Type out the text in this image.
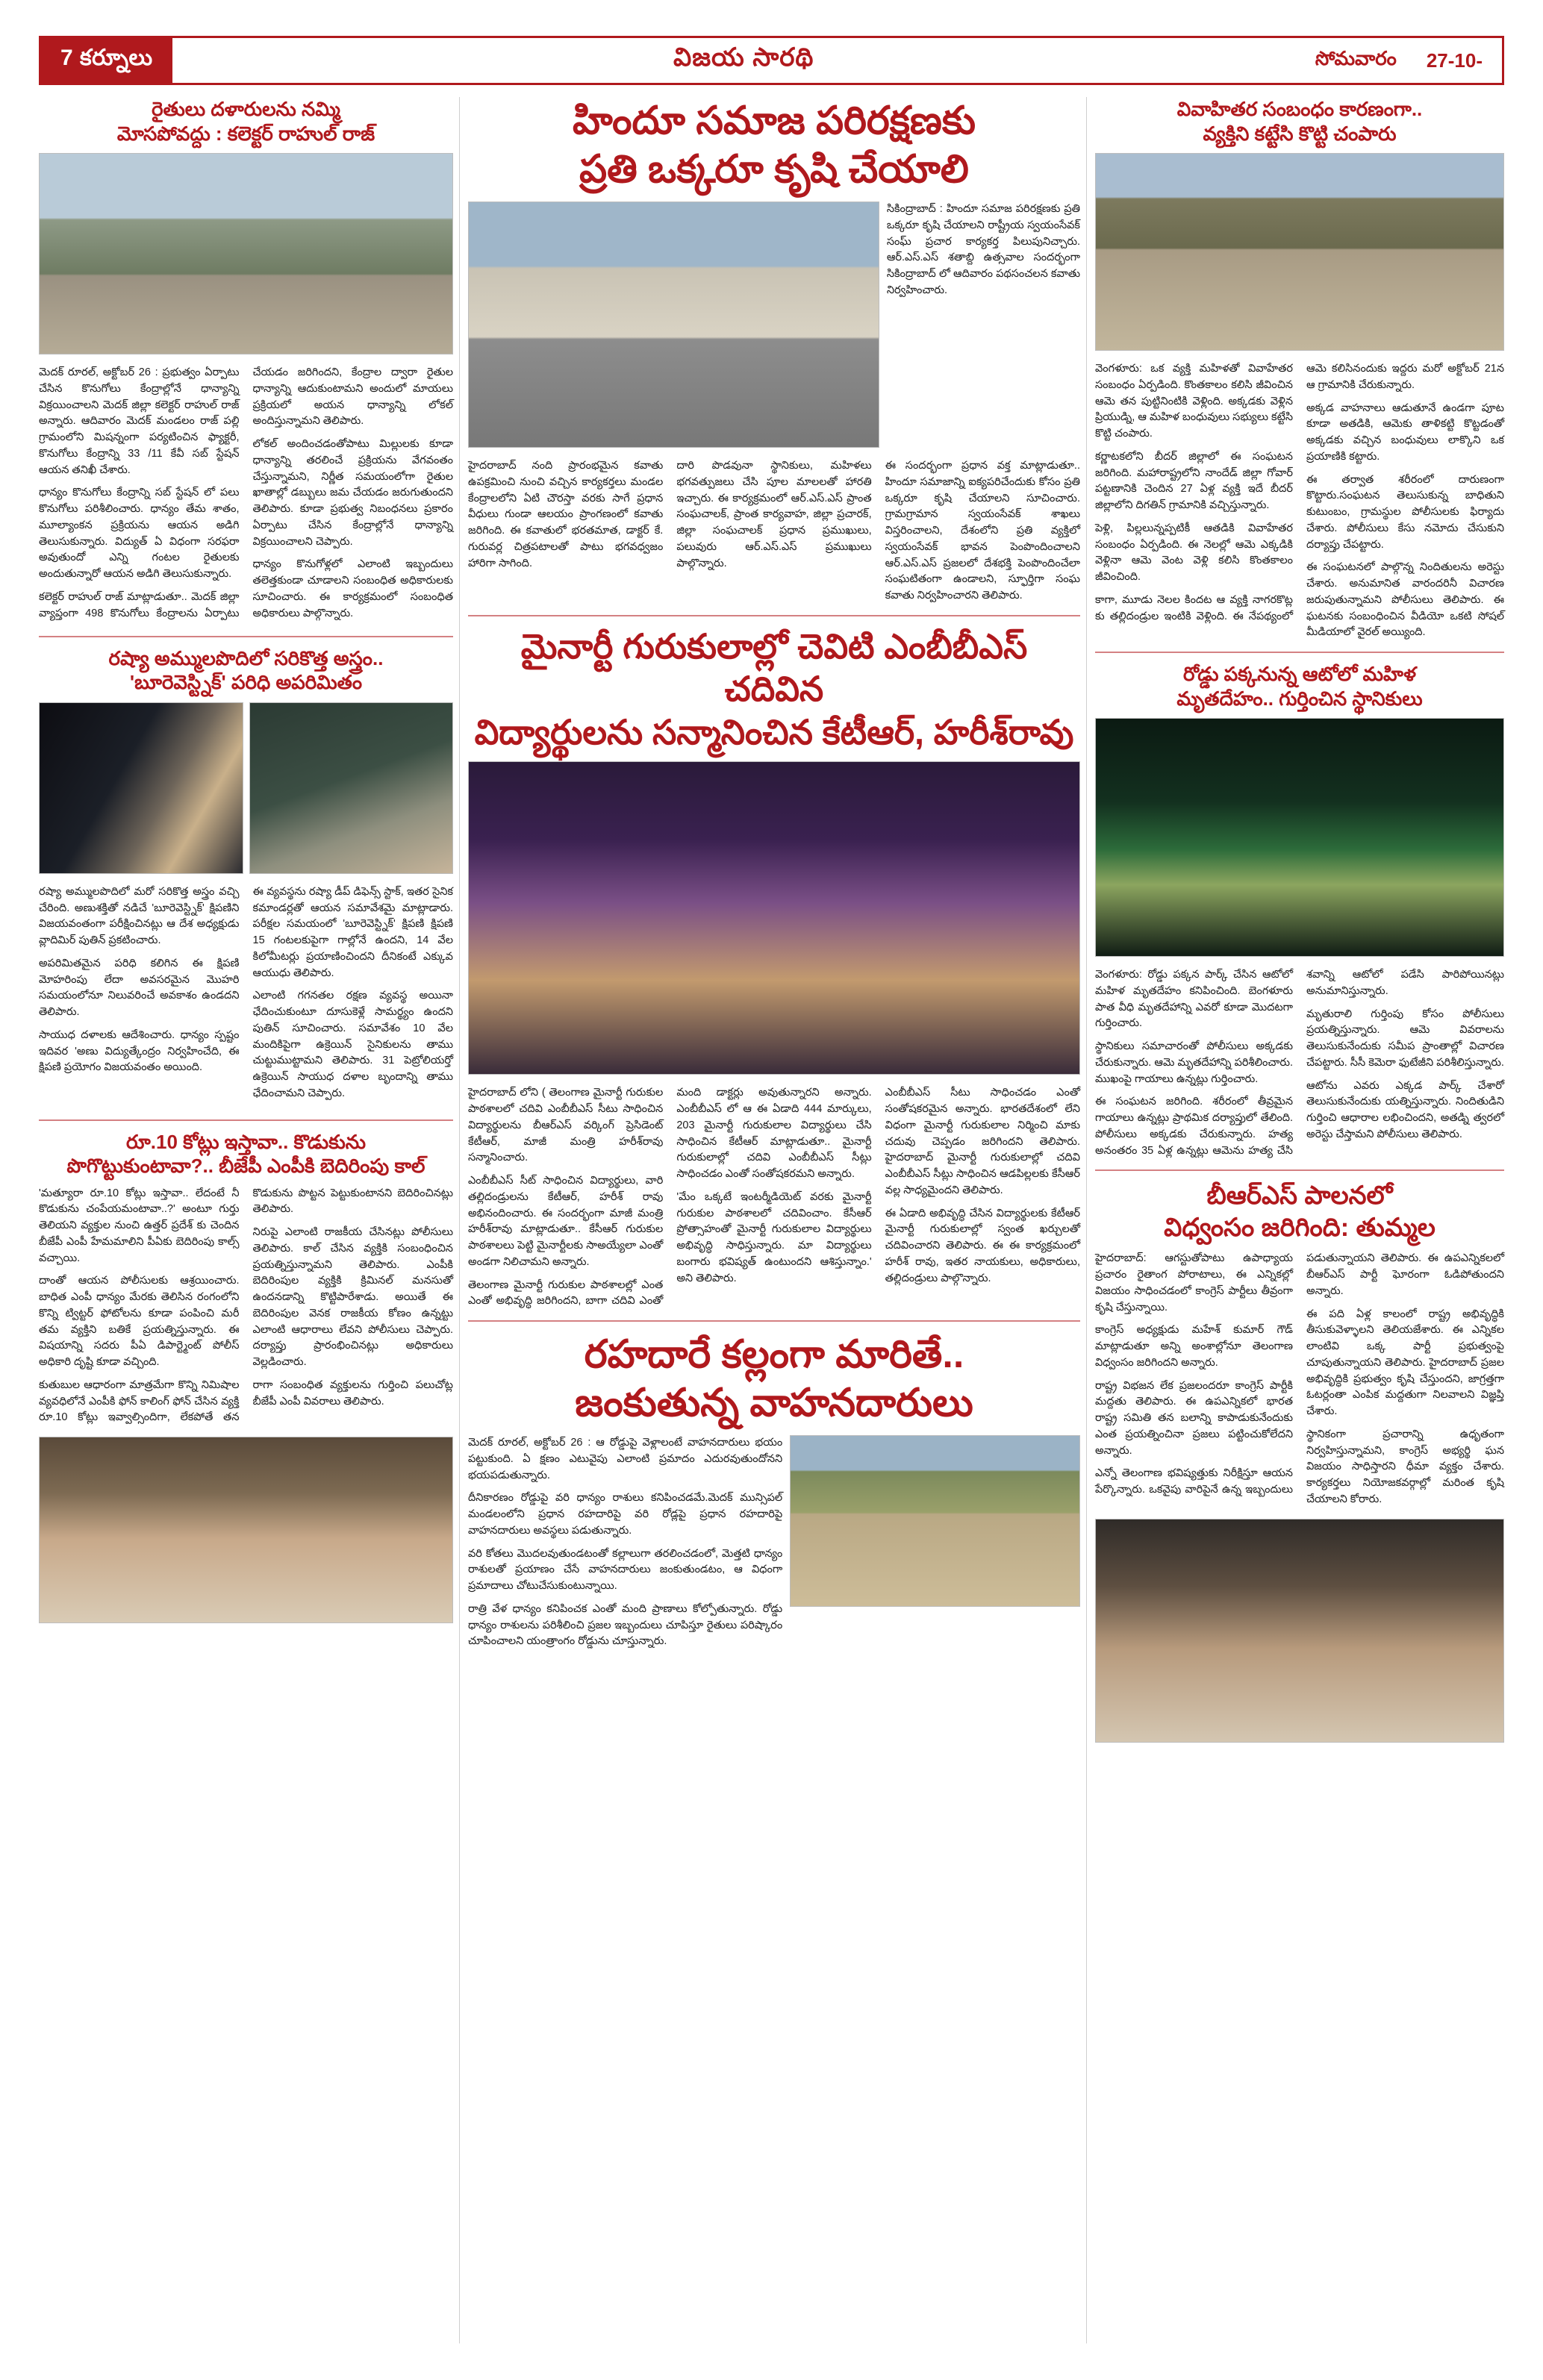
7 కర్నూలు	విజయ సారథి	సోమవారం 27-10-
రైతులు దళారులను నమ్మి
మోసపోవద్దు : కలెక్టర్ రాహుల్ రాజ్

మెదక్ రూరల్, అక్టోబర్ 26 : ప్రభుత్వం ఏర్పాటు చేసిన కొనుగోలు కేంద్రాల్లోనే ధాన్యాన్ని విక్రయించాలని మెదక్ జిల్లా కలెక్టర్ రాహుల్ రాజ్ అన్నారు. ఆదివారం మెదక్ మండలం రాజ్ పల్లి గ్రామంలోని మిషన్నంగా పర్యటించిన ఫ్యాక్టరీ, కొనుగోలు కేంద్రాన్ని 33 /11 కేవీ సబ్ స్టేషన్ ఆయన తనిఖీ చేశారు.

ధాన్యం కొనుగోలు కేంద్రాన్ని సబ్ స్టేషన్ లో పలు కొనుగోలు పరిశీలించారు. ధాన్యం తేమ శాతం, మూల్యాంకన ప్రక్రియను ఆయన అడిగి తెలుసుకున్నారు. విద్యుత్ ఏ విధంగా సరఫరా అవుతుందో ఎన్ని గంటల రైతులకు అందుతున్నారో ఆయన అడిగి తెలుసుకున్నారు.

కలెక్టర్ రాహుల్ రాజ్ మాట్లాడుతూ.. మెదక్ జిల్లా వ్యాప్తంగా 498 కొనుగోలు కేంద్రాలను ఏర్పాటు చేయడం జరిగిందని, కేంద్రాల ద్వారా రైతుల ధాన్యాన్ని ఆదుకుంటామని అందులో మాయలు ప్రక్రియలో అయన ధాన్యాన్ని లోకల్ అందిస్తున్నామని తెలిపారు.

లోకల్ అందించడంతోపాటు మిల్లులకు కూడా ధాన్యాన్ని తరలించే ప్రక్రియను వేగవంతం చేస్తున్నామని, నిర్ణీత సమయంలోగా రైతుల ఖాతాల్లో డబ్బులు జమ చేయడం జరుగుతుందని తెలిపారు. కూడా ప్రభుత్వ నిబంధనలు ప్రకారం ఏర్పాటు చేసిన కేంద్రాల్లోనే ధాన్యాన్ని విక్రయించాలని చెప్పారు.

ధాన్యం కొనుగోళ్లలో ఎలాంటి ఇబ్బందులు తలెత్తకుండా చూడాలని సంబంధిత అధికారులకు సూచించారు. ఈ కార్యక్రమంలో సంబంధిత అధికారులు పాల్గొన్నారు.

రష్యా అమ్ములపొదిలో సరికొత్త అస్త్రం..
'బూరెవెస్ట్నిక్' పరిధి అపరిమితం

రష్యా అమ్ములపొదిలో మరో సరికొత్త అస్త్రం వచ్చి చేరింది. అణుశక్తితో నడిచే 'బూరెవెస్ట్నిక్' క్షిపణిని విజయవంతంగా పరీక్షించినట్లు ఆ దేశ అధ్యక్షుడు వ్లాదిమిర్ పుతిన్ ప్రకటించారు.

అపరిమితమైన పరిధి కలిగిన ఈ క్షిపణి మోహరింపు లేదా అవసరమైన మొహరి సమయంలోనూ నిలువరించే అవకాశం ఉండదని తెలిపారు.

సాయుధ దళాలకు ఆదేశించారు. ధాన్యం స్పష్టం ఇదివర 'అణు విద్యుత్కేంద్రం నిర్వహించేది, ఈ క్షిపణి ప్రయోగం విజయవంతం అయింది.

ఈ వ్యవస్థను రష్యా డీప్ డిఫెన్స్ స్టాక్, ఇతర సైనిక కమాండర్లతో ఆయన సమావేశమై మాట్లాడారు. పరీక్షల సమయంలో 'బూరెవెస్ట్నిక్' క్షిపణి క్షిపణి 15 గంటలకుపైగా గాల్లోనే ఉందని, 14 వేల కిలోమీటర్లు ప్రయాణించిందని దీనికంటే ఎక్కువ ఆయుధు తెలిపారు.

ఎలాంటి గగనతల రక్షణ వ్యవస్థ అయినా ఛేదించుకుంటూ దూసుకెళ్లే సామర్థ్యం ఉందని పుతిన్ సూచించారు. సమావేశం 10 వేల మందికిపైగా ఉక్రెయిన్ సైనికులను తాము చుట్టుముట్టామని తెలిపారు. 31 పెట్రోలియర్తో ఉక్రెయిన్ సాయుధ దళాల బృందాన్ని తాము ఛేదించామని చెప్పారు.

రూ.10 కోట్లు ఇస్తావా.. కొడుకును
పొగొట్టుకుంటావా?.. బీజేపీ ఎంపీకి బెదిరింపు కాల్

'మత్యూరా రూ.10 కోట్లు ఇస్తావా.. లేదంటే నీ కొడుకును చంపేయమంటావా..?' అంటూ గుర్తు తెలియని వ్యక్తుల నుంచి ఉత్తర్ ప్రదేశ్ కు చెందిన బీజేపీ ఎంపీ హేమమాలిని పీఏకు బెదిరింపు కాల్స్ వచ్చాయి.

దాంతో ఆయన పోలీసులకు ఆశ్రయించారు. బాధిత ఎంపీ ధాన్యం మేరకు తెలిసిన రంగంలోని కొన్ని ట్విట్టర్ ఫోటోలను కూడా పంపించి మరీ తమ వ్యక్తిని బతికే ప్రయత్నిస్తున్నారు. ఈ విషయాన్ని సదరు పీఏ డిపార్ట్మెంట్ పోలీస్ అధికారి దృష్టి కూడా వచ్చింది.

కుతుబుల ఆధారంగా మాత్రమేగా కొన్ని నిమిషాల వ్యవధిలోనే ఎంపీకి ఫోన్ కాలింగ్ ఫోన్ చేసిన వ్యక్తి రూ.10 కోట్లు ఇవ్వాల్సిందిగా, లేకపోతే తన కొడుకును పొట్టన పెట్టుకుంటానని బెదిరించినట్లు తెలిపారు.

నిరుపై ఎలాంటి రాజకీయ చేసినట్లు పోలీసులు తెలిపారు. కాల్ చేసిన వ్యక్తికి సంబంధించిన ప్రయత్నిస్తున్నామని తెలిపారు. ఎంపీకి బెదిరింపుల వ్యక్తికి క్రిమినల్ మనసుతో ఉందనడాన్ని కొట్టిపారేశాడు. అయితే ఈ బెదిరింపుల వెనక రాజకీయ కోణం ఉన్నట్టు ఎలాంటి ఆధారాలు లేవని పోలీసులు చెప్పారు. దర్యాప్తు ప్రారంభించినట్లు అధికారులు వెల్లడించారు.

రాగా సంబంధిత వ్యక్తులను గుర్తించి పలుచోట్ల బీజేపీ ఎంపీ వివరాలు తెలిపారు.

హిందూ సమాజ పరిరక్షణకు
ప్రతి ఒక్కరూ కృషి చేయాలి

సికింద్రాబాద్ : హిందూ సమాజ పరిరక్షణకు ప్రతి ఒక్కరూ కృషి చేయాలని రాష్ట్రీయ స్వయంసేవక్ సంఘ్ ప్రచార కార్యకర్త పిలుపునిచ్చారు. ఆర్.ఎస్.ఎస్ శతాబ్ది ఉత్సవాల సందర్భంగా సికింద్రాబాద్ లో ఆదివారం పథసంచలన కవాతు నిర్వహించారు.

హైదరాబాద్ నంది ప్రారంభమైన కవాతు ఉపక్రమించి నుంచి వచ్చిన కార్యకర్తలు మండల కేంద్రాలలోని ఏటి చౌరస్తా వరకు సాగే ప్రధాన వీధులు గుండా ఆలయం ప్రాంగణంలో కవాతు జరిగింది. ఈ కవాతులో భరతమాత, డాక్టర్ కే. గురువర్ల చిత్రపటాలతో పాటు భగవధ్వజం హారిగా సాగింది.

దారి పొడవునా స్థానికులు, మహిళలు భగవత్పుజలు చేసి పూల మాలలతో హారతి ఇచ్చారు. ఈ కార్యక్రమంలో ఆర్.ఎస్.ఎస్ ప్రాంత సంఘచాలక్, ప్రాంత కార్యవాహ, జిల్లా ప్రచారక్, జిల్లా సంఘచాలక్ ప్రధాన ప్రముఖులు, పలువురు ఆర్.ఎస్.ఎస్ ప్రముఖులు పాల్గొన్నారు.

ఈ సందర్భంగా ప్రధాన వక్త మాట్లాడుతూ.. హిందూ సమాజాన్ని ఐక్యపరిచేందుకు కోసం ప్రతి ఒక్కరూ కృషి చేయాలని సూచించారు. గ్రామగ్రామాన స్వయంసేవక్ శాఖలు విస్తరించాలని, దేశంలోని ప్రతి వ్యక్తిలో స్వయంసేవక్ భావన పెంపొందించాలని ఆర్.ఎస్.ఎస్ ప్రజలలో దేశభక్తి పెంపొందించేలా సంఘటితంగా ఉండాలని, స్ఫూర్తిగా సంఘ కవాతు నిర్వహించారని తెలిపారు.

మైనార్టీ గురుకులాల్లో చెవిటి ఎంబీబీఎస్ చదివిన
విద్యార్థులను సన్మానించిన కేటీఆర్, హరీశ్‌రావు

హైదరాబాద్ లోని ( తెలంగాణ మైనార్టీ గురుకుల పాఠశాలలో చదివి ఎంబీబీఎస్ సీటు సాధించిన విద్యార్థులను బీఆర్ఎస్ వర్కింగ్ ప్రెసిడెంట్ కేటీఆర్, మాజీ మంత్రి హరీశ్‌రావు సన్మానించారు.

ఎంబీబీఎస్ సీట్ సాధించిన విద్యార్థులు, వారి తల్లిదండ్రులను కేటీఆర్, హరీశ్ రావు అభినందించారు. ఈ సందర్భంగా మాజీ మంత్రి హరీశ్‌రావు మాట్లాడుతూ.. కేసీఆర్ గురుకుల పాఠశాలలు పెట్టి మైనార్టీలకు సాఅయ్యేలా ఎంతో అండగా నిలిచామని అన్నారు.

తెలంగాణ మైనార్టీ గురుకుల పాఠశాలల్లో ఎంత ఎంతో అభివృద్ధి జరిగిందని, బాగా చదివి ఎంతో మంది డాక్టర్లు అవుతున్నారని అన్నారు. ఎంబీబీఎస్ లో ఆ ఈ ఏడాది 444 మార్కులు, 203 మైనార్టీ గురుకులాల విద్యార్థులు చేసి సాధించిన కేటీఆర్ మాట్లాడుతూ.. మైనార్టీ గురుకులాల్లో చదివి ఎంబీబీఎస్ సీట్లు సాధించడం ఎంతో సంతోషకరమని అన్నారు.

'మేం ఒక్కటే ఇంటర్మీడియెట్ వరకు మైనార్టీ గురుకుల పాఠశాలలో చదివించాం. కేసీఆర్ ప్రోత్సాహంతో మైనార్టీ గురుకులాల విద్యార్థులు అభివృద్ధి సాధిస్తున్నారు. మా విద్యార్థులు బంగారు భవిష్యత్ ఉంటుందని ఆశిస్తున్నాం.' అని తెలిపారు.

ఎంబీబీఎస్ సీటు సాధించడం ఎంతో సంతోషకరమైన అన్నారు. భారతదేశంలో లేని విధంగా మైనార్టీ గురుకులాల నిర్మించి మాకు చదువు చెప్పడం జరిగిందని తెలిపారు. హైదరాబాద్ మైనార్టీ గురుకులాల్లో చదివి ఎంబీబీఎస్ సీట్లు సాధించిన ఆడపిల్లలకు కేసీఆర్ వల్ల సాధ్యమైందని తెలిపారు.

ఈ ఏడాది అభివృద్ధి చేసిన విద్యార్థులకు కేటీఆర్ మైనార్టీ గురుకులాల్లో స్వంత ఖర్చులతో చదివించారని తెలిపారు. ఈ ఈ కార్యక్రమంలో హరీశ్ రావు, ఇతర నాయకులు, అధికారులు, తల్లిదండ్రులు పాల్గొన్నారు.

రహదారే కల్లంగా మారితే..
జంకుతున్న వాహనదారులు

మెదక్ రూరల్, అక్టోబర్ 26 : ఆ రోడ్డుపై వెళ్లాలంటే వాహనదారులు భయం పట్టుకుంది. ఏ క్షణం ఎటువైపు ఎలాంటి ప్రమాదం ఎదురవుతుందోనని భయపడుతున్నారు.

దీనికారణం రోడ్డుపై వరి ధాన్యం రాశులు కనిపించడమే.మెదక్ మున్సిపల్ మండలంలోని ప్రధాన రహదారిపై వరి రోడ్లపై ప్రధాన రహదారిపై వాహనదారులు అవస్థలు పడుతున్నారు.

వరి కోతలు మొదలవుతుండటంతో కల్లాలుగా తరలించడంలో, మెత్తటి ధాన్యం రాశులతో ప్రయాణం చేసే వాహనదారులు జంకుతుండటం, ఆ విధంగా ప్రమాదాలు చోటుచేసుకుంటున్నాయి.

రాత్రి వేళ ధాన్యం కనిపించక ఎంతో మంది ప్రాణాలు కోల్పోతున్నారు. రోడ్డు ధాన్యం రాశులను పరిశీలించి ప్రజల ఇబ్బందులు చూపిస్తూ రైతులు పరిష్కారం చూపించాలని యంత్రాంగం రోడ్డును చూస్తున్నారు.

వివాహితర సంబంధం కారణంగా..
వ్యక్తిని కట్టేసి కొట్టి చంపారు

వెంగళూరు: ఒక వ్యక్తి మహిళతో వివాహేతర సంబంధం ఏర్పడింది. కొంతకాలం కలిసి జీవించిన ఆమె తన పుట్టినింటికి వెళ్లింది. అక్కడకు వెళ్లిన ప్రియుడ్ని, ఆ మహిళ బంధువులు సభ్యులు కట్టేసి కొట్టి చంపారు.

కర్ణాటకలోని బీదర్ జిల్లాలో ఈ సంఘటన జరిగింది. మహారాష్ట్రలోని నాందేడ్ జిల్లా గోవార్ పట్టణానికి చెందిన 27 ఏళ్ల వ్యక్తి ఇదే బీదర్ జిల్లాలోని దిగతిన్ గ్రామానికి వచ్చిస్తున్నారు.

పెళ్లి, పిల్లలున్నప్పటికీ ఆతడికి వివాహేతర సంబంధం ఏర్పడింది. ఈ నెలల్లో ఆమె ఎక్కడికి వెళ్లినా ఆమె వెంట వెళ్లి కలిసి కొంతకాలం జీవించింది.

కాగా, మూడు నెలల కిందట ఆ వ్యక్తి నాగరకొట్ల కు తల్లిదండ్రుల ఇంటికి వెళ్లింది. ఈ నేపథ్యంలో ఆమె కలిసినందుకు ఇద్దరు మరో అక్టోబర్ 21న ఆ గ్రామానికి చేరుకున్నారు.

అక్కడ వాహనాలు ఆడుతూనే ఉండగా పూట కూడా అతడికి, ఆమెకు తాళికట్టి కొట్టడంతో అక్కడకు వచ్చిన బంధువులు లాక్కొని ఒక ప్రయాణికి కట్టారు.

ఈ తర్వాత శరీరంలో దారుణంగా కొట్టారు.సంఘటన తెలుసుకున్న బాధితుని కుటుంబం, గ్రామస్థుల పోలీసులకు ఫిర్యాదు చేశారు. పోలీసులు కేసు నమోదు చేసుకుని దర్యాప్తు చేపట్టారు.

ఈ సంఘటనలో పాల్గొన్న నిందితులను అరెస్టు చేశారు. అనుమానిత వారందరినీ విచారణ జరుపుతున్నామని పోలీసులు తెలిపారు. ఈ ఘటనకు సంబంధించిన వీడియో ఒకటి సోషల్ మీడియాలో వైరల్ అయ్యింది.

రోడ్డు పక్కనున్న ఆటోలో మహిళ
మృతదేహం.. గుర్తించిన స్థానికులు

వెంగళూరు: రోడ్డు పక్కన పార్క్ చేసిన ఆటోలో మహిళ మృతదేహం కనిపించింది. బెంగళూరు పాత వీధి మృతదేహాన్ని ఎవరో కూడా మొదటగా గుర్తించారు.

స్థానికులు సమాచారంతో పోలీసులు అక్కడకు చేరుకున్నారు. ఆమె మృతదేహాన్ని పరిశీలించారు. ముఖంపై గాయాలు ఉన్నట్లు గుర్తించారు.

ఈ సంఘటన జరిగింది. శరీరంలో తీవ్రమైన గాయాలు ఉన్నట్లు ప్రాథమిక దర్యాప్తులో తేలింది. పోలీసులు అక్కడకు చేరుకున్నారు. హత్య అనంతరం 35 ఏళ్ల ఉన్నట్లు ఆమెను హత్య చేసి శవాన్ని ఆటోలో పడేసి పారిపోయినట్లు అనుమానిస్తున్నారు.

మృతురాలి గుర్తింపు కోసం పోలీసులు ప్రయత్నిస్తున్నారు. ఆమె వివరాలను తెలుసుకునేందుకు సమీప ప్రాంతాల్లో విచారణ చేపట్టారు. సీసీ కెమెరా ఫుటేజీని పరిశీలిస్తున్నారు.

ఆటోను ఎవరు ఎక్కడ పార్క్ చేశారో తెలుసుకునేందుకు యత్నిస్తున్నారు. నిందితుడిని గుర్తించి ఆధారాల లభించిందని, అతడ్ని త్వరలో అరెస్టు చేస్తామని పోలీసులు తెలిపారు.

బీఆర్ఎస్ పాలనలో
విధ్వంసం జరిగింది: తుమ్మల

హైదరాబాద్: ఆగస్టుతోపాటు ఉపాధ్యాయ ప్రచారం రైతాంగ పోరాటాలు, ఈ ఎన్నికల్లో విజయం సాధించడంలో కాంగ్రెస్ పార్టీలు తీవ్రంగా కృషి చేస్తున్నాయి.

కాంగ్రెస్ అధ్యక్షుడు మహేశ్ కుమార్ గౌడ్ మాట్లాడుతూ అన్ని అంశాల్లోనూ తెలంగాణ విధ్వంసం జరిగిందని అన్నారు.

రాష్ట్ర విభజన లేక ప్రజలందరూ కాంగ్రెస్ పార్టీకి మద్దతు తెలిపారు. ఈ ఉపఎన్నికలో భారత రాష్ట్ర సమితి తన బలాన్ని కాపాడుకునేందుకు ఎంత ప్రయత్నించినా ప్రజలు పట్టించుకోలేదని అన్నారు.

ఎన్నో తెలంగాణ భవిష్యత్తుకు నిరీక్షిస్తూ ఆయన పేర్కొన్నారు. ఒకవైపు వారిపైనే ఉన్న ఇబ్బందులు పడుతున్నాయని తెలిపారు. ఈ ఉపఎన్నికలలో బీఆర్ఎస్ పార్టీ ఘోరంగా ఓడిపోతుందని అన్నారు.

ఈ పది ఏళ్ల కాలంలో రాష్ట్ర అభివృద్ధికి తీసుకువెళ్ళాలని తెలియజేశారు. ఈ ఎన్నికల లాంటివి ఒక్క పార్టీ ప్రభుత్వంపై చూపుతున్నాయని తెలిపారు. హైదరాబాద్ ప్రజల అభివృద్ధికి ప్రభుత్వం కృషి చేస్తుందని, జాగ్రత్తగా ఓటర్లంతా ఎంపిక మద్దతుగా నిలవాలని విజ్ఞప్తి చేశారు.

స్థానికంగా ప్రచారాన్ని ఉధృతంగా నిర్వహిస్తున్నామని, కాంగ్రెస్ అభ్యర్థి ఘన విజయం సాధిస్తారని ధీమా వ్యక్తం చేశారు. కార్యకర్తలు నియోజకవర్గాల్లో మరింత కృషి చేయాలని కోరారు.
